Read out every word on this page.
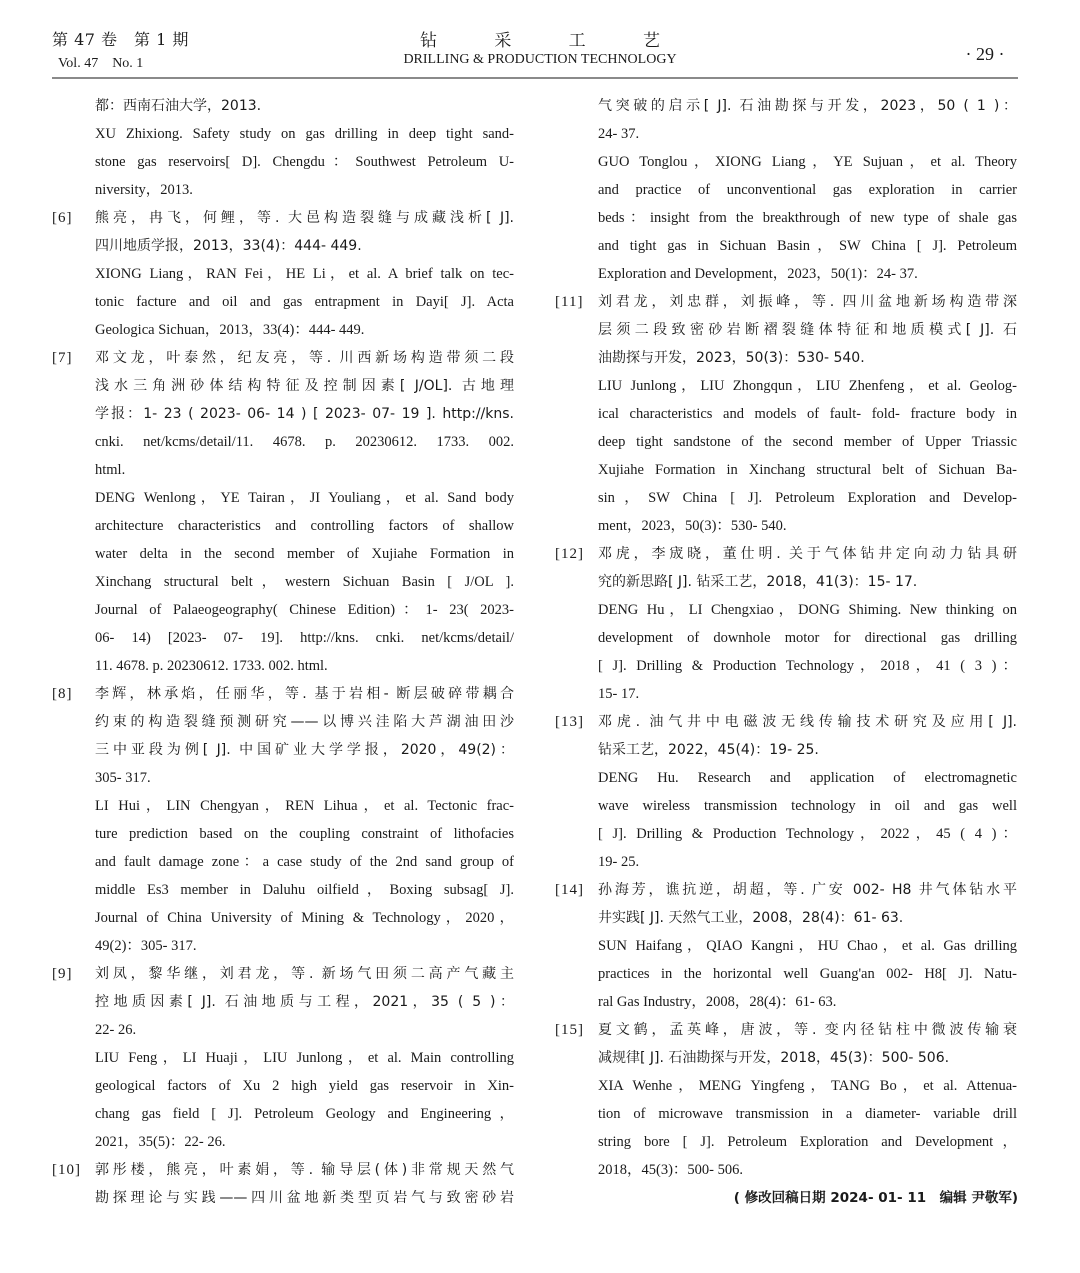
第 47 卷　第 1 期
Vol. 47　No. 1
钻	采	工	艺
DRILLING & PRODUCTION TECHNOLOGY	· 29 ·
都：西南石油大学，2013.
XU Zhixiong. Safety study on gas drilling in deep tight sand-
stone gas reservoirs[ D]. Chengdu：Southwest Petroleum U-
niversity，2013.
[6] 熊亮，冉飞，何鲤，等. 大邑构造裂缝与成藏浅析[ J].
四川地质学报，2013，33(4)：444- 449.
XIONG Liang，RAN Fei，HE Li，et al. A brief talk on tec-
tonic facture and oil and gas entrapment in Dayi[ J]. Acta
Geologica Sichuan，2013，33(4)：444- 449.
[7] 邓文龙，叶泰然，纪友亮，等. 川西新场构造带须二段
浅水三角洲砂体结构特征及控制因素[ J/OL]. 古地理
学报：1- 23 ( 2023- 06- 14 ) [ 2023- 07- 19 ]. http://kns.
cnki. net/kcms/detail/11. 4678. p. 20230612. 1733. 002.
html.
DENG Wenlong，YE Tairan，JI Youliang，et al. Sand body
architecture characteristics and controlling factors of shallow
water delta in the second member of Xujiahe Formation in
Xinchang structural belt，western Sichuan Basin [ J/OL ].
Journal of Palaeogeography( Chinese Edition)：1- 23( 2023-
06- 14) [2023- 07- 19]. http://kns. cnki. net/kcms/detail/
11. 4678. p. 20230612. 1733. 002. html.
[8] 李辉，林承焰，任丽华，等. 基于岩相- 断层破碎带耦合
约束的构造裂缝预测研究——以博兴洼陷大芦湖油田沙
三中亚段为例[ J]. 中国矿业大学学报，2020，49(2)：
305- 317.
LI Hui，LIN Chengyan，REN Lihua，et al. Tectonic frac-
ture prediction based on the coupling constraint of lithofacies
and fault damage zone：a case study of the 2nd sand group of
middle Es3 member in Daluhu oilfield，Boxing subsag[ J].
Journal of China University of Mining & Technology，2020，
49(2)：305- 317.
[9] 刘凤，黎华继，刘君龙，等. 新场气田须二高产气藏主
控地质因素[ J]. 石油地质与工程，2021，35 ( 5 )：
22- 26.
LIU Feng，LI Huaji，LIU Junlong，et al. Main controlling
geological factors of Xu 2 high yield gas reservoir in Xin-
chang gas field [ J]. Petroleum Geology and Engineering，
2021，35(5)：22- 26.
[10] 郭彤楼，熊亮，叶素娟，等. 输导层(体)非常规天然气
勘探理论与实践——四川盆地新类型页岩气与致密砂岩
气突破的启示[ J]. 石油勘探与开发，2023，50 ( 1 )：
24- 37.
GUO Tonglou，XIONG Liang，YE Sujuan，et al. Theory
and practice of unconventional gas exploration in carrier
beds：insight from the breakthrough of new type of shale gas
and tight gas in Sichuan Basin，SW China [ J]. Petroleum
Exploration and Development，2023，50(1)：24- 37.
[11] 刘君龙，刘忠群，刘振峰，等. 四川盆地新场构造带深
层须二段致密砂岩断褶裂缝体特征和地质模式[ J]. 石
油勘探与开发，2023，50(3)：530- 540.
LIU Junlong，LIU Zhongqun，LIU Zhenfeng，et al. Geolog-
ical characteristics and models of fault- fold- fracture body in
deep tight sandstone of the second member of Upper Triassic
Xujiahe Formation in Xinchang structural belt of Sichuan Ba-
sin，SW China [ J]. Petroleum Exploration and Develop-
ment，2023，50(3)：530- 540.
[12] 邓虎，李宬晓，董仕明. 关于气体钻井定向动力钻具研
究的新思路[ J]. 钻采工艺，2018，41(3)：15- 17.
DENG Hu，LI Chengxiao，DONG Shiming. New thinking on
development of downhole motor for directional gas drilling
[ J]. Drilling & Production Technology，2018，41 ( 3 )：
15- 17.
[13] 邓虎. 油气井中电磁波无线传输技术研究及应用[ J].
钻采工艺，2022，45(4)：19- 25.
DENG Hu. Research and application of electromagnetic
wave wireless transmission technology in oil and gas well
[ J]. Drilling & Production Technology，2022，45 ( 4 )：
19- 25.
[14] 孙海芳，谯抗逆，胡超，等. 广安 002- H8 井气体钻水平
井实践[ J]. 天然气工业，2008，28(4)：61- 63.
SUN Haifang，QIAO Kangni，HU Chao，et al. Gas drilling
practices in the horizontal well Guang'an 002- H8[ J]. Natu-
ral Gas Industry，2008，28(4)：61- 63.
[15] 夏文鹤，孟英峰，唐波，等. 变内径钻柱中微波传输衰
减规律[ J]. 石油勘探与开发，2018，45(3)：500- 506.
XIA Wenhe，MENG Yingfeng，TANG Bo，et al. Attenua-
tion of microwave transmission in a diameter- variable drill
string bore [ J]. Petroleum Exploration and Development，
2018，45(3)：500- 506.
( 修改回稿日期 2024- 01- 11　编辑 尹敬军)
